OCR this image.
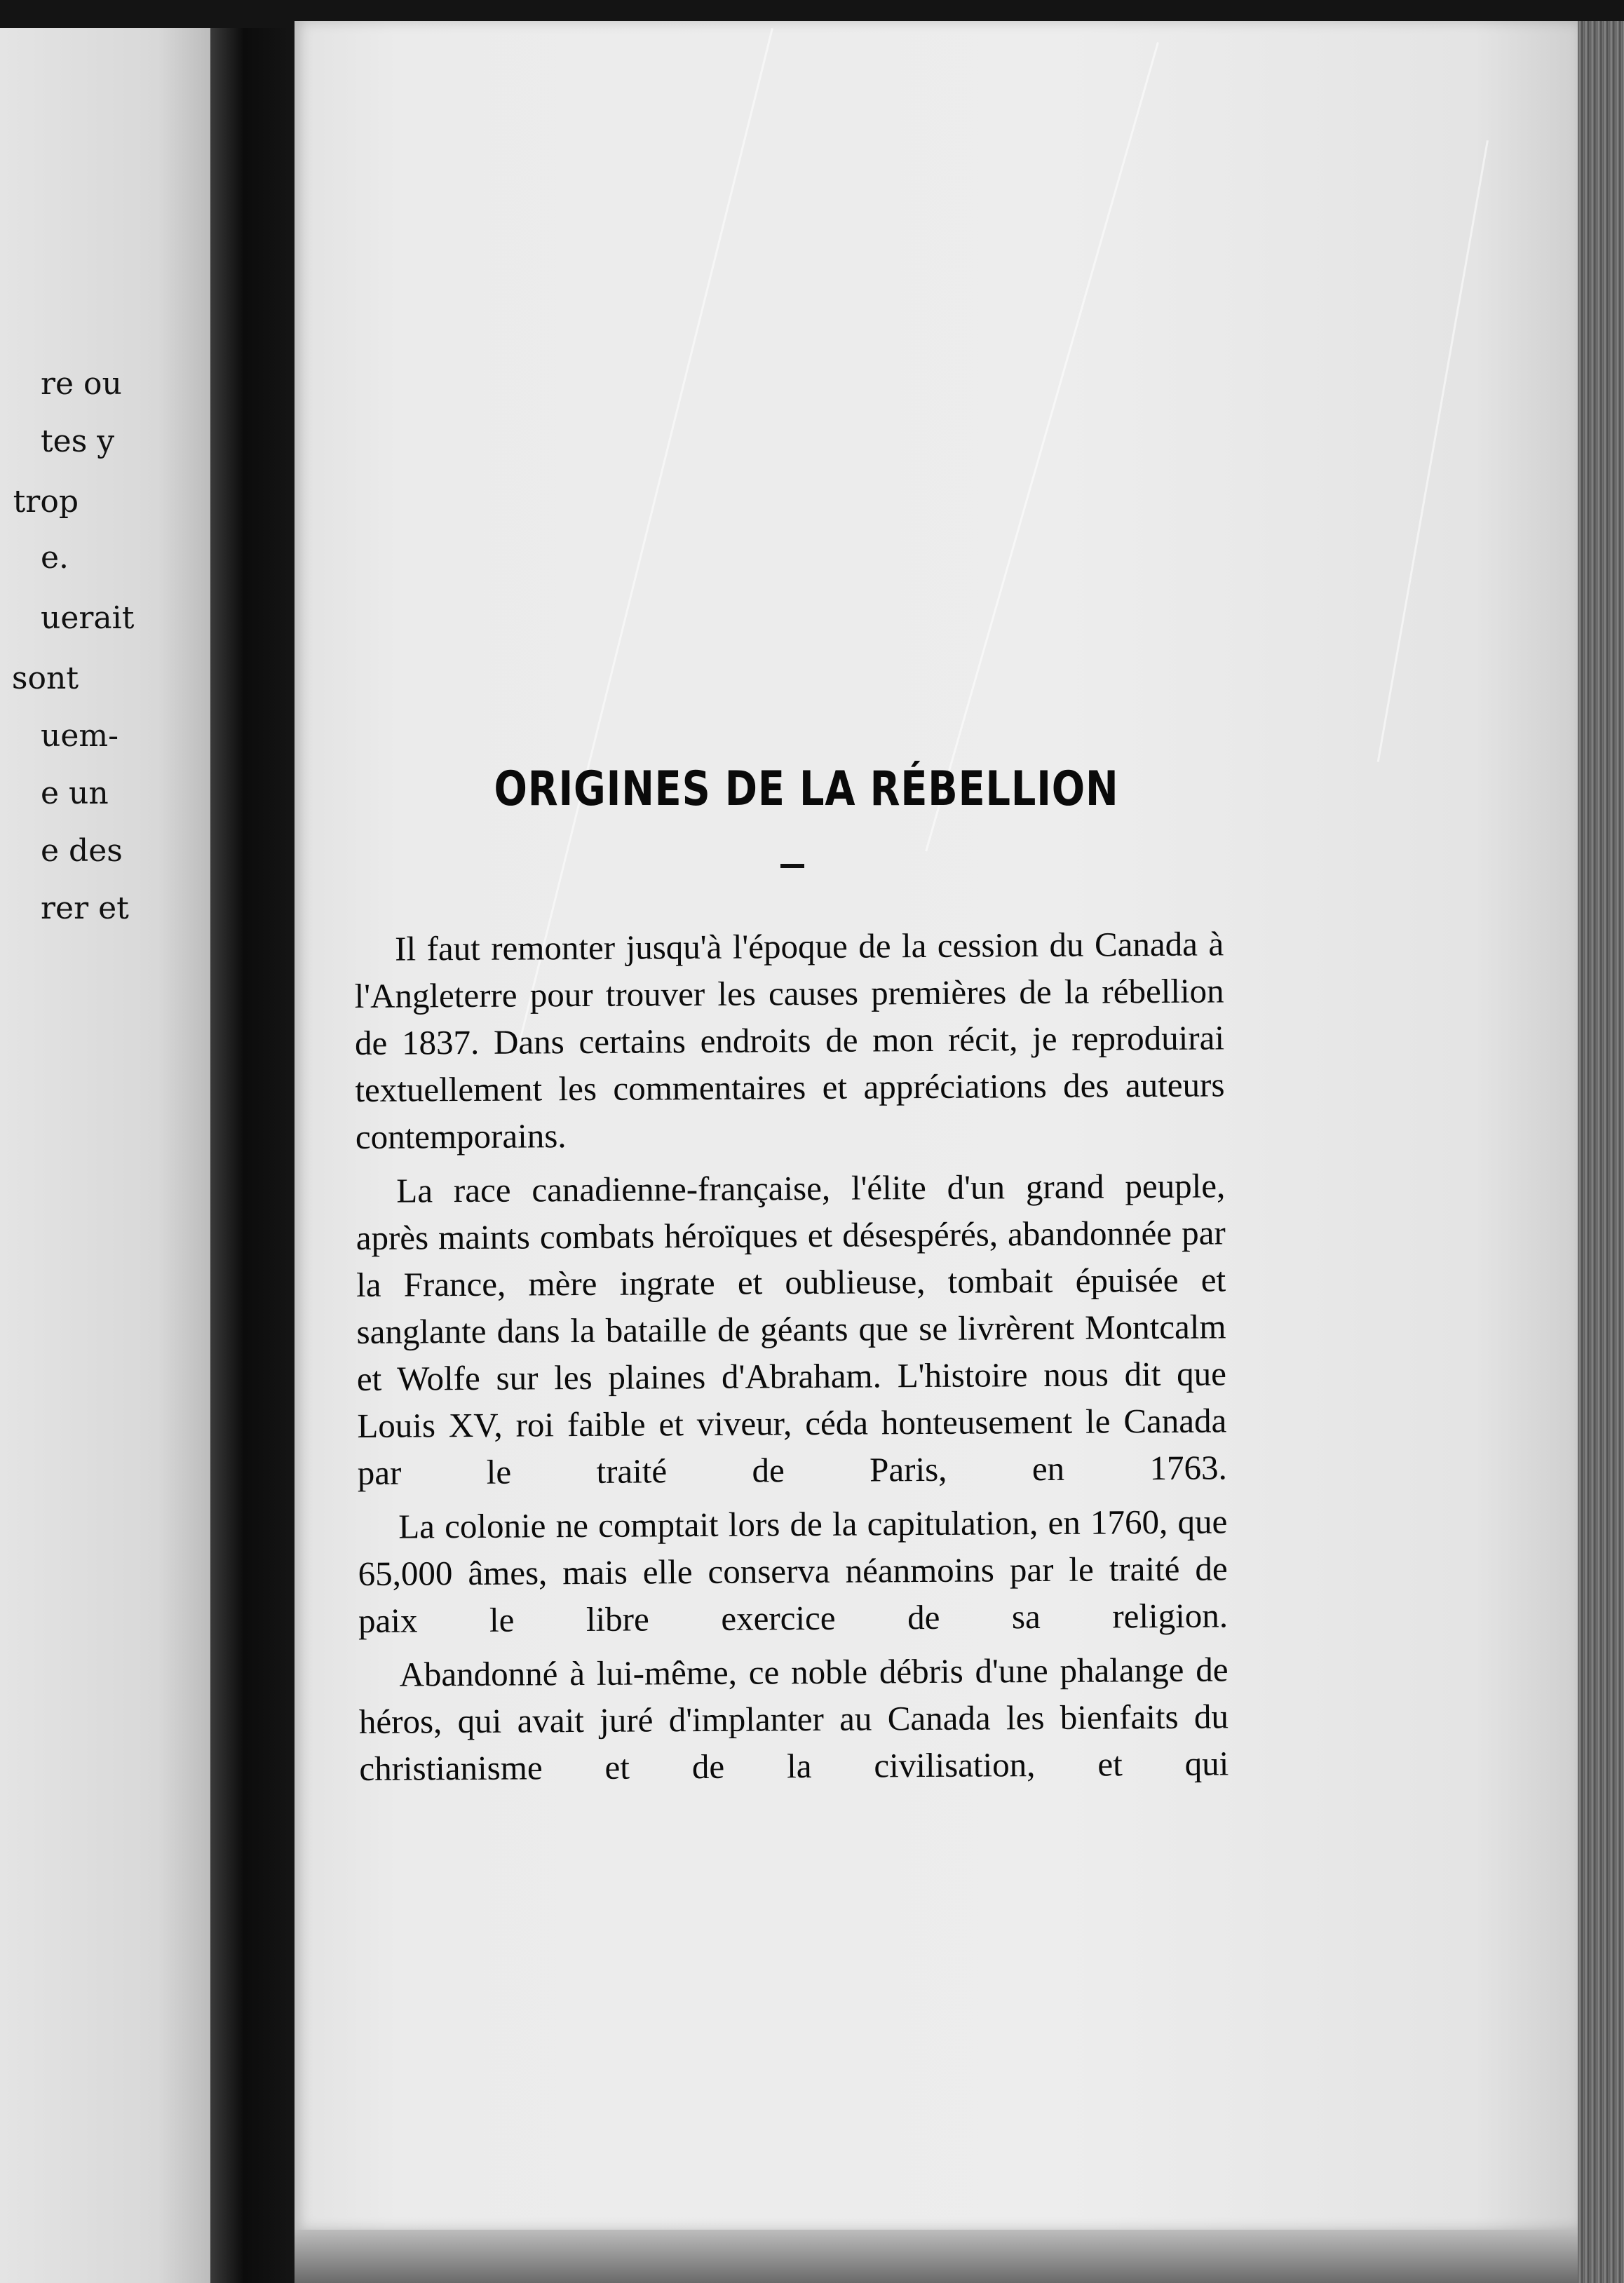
re ou
tes y
trop
e.
uerait
sont
uem-
e un
e des
rer et
ORIGINES DE LA RÉBELLION

Il faut remonter jusqu'à l'époque de la cession du Canada à l'Angleterre pour trouver les causes premières de la rébellion de 1837. Dans certains endroits de mon récit, je reproduirai textuellement les commentaires et appréciations des auteurs contemporains.

La race canadienne-française, l'élite d'un grand peuple, après maints combats héroïques et désespérés, abandonnée par la France, mère ingrate et oublieuse, tombait épuisée et sanglante dans la bataille de géants que se livrèrent Montcalm et Wolfe sur les plaines d'Abraham. L'histoire nous dit que Louis XV, roi faible et viveur, céda honteusement le Canada par le traité de Paris, en 1763.

La colonie ne comptait lors de la capitulation, en 1760, que 65,000 âmes, mais elle conserva néanmoins par le traité de paix le libre exercice de sa religion.

Abandonné à lui-même, ce noble débris d'une phalange de héros, qui avait juré d'implanter au Canada les bienfaits du christianisme et de la civilisation, et qui
